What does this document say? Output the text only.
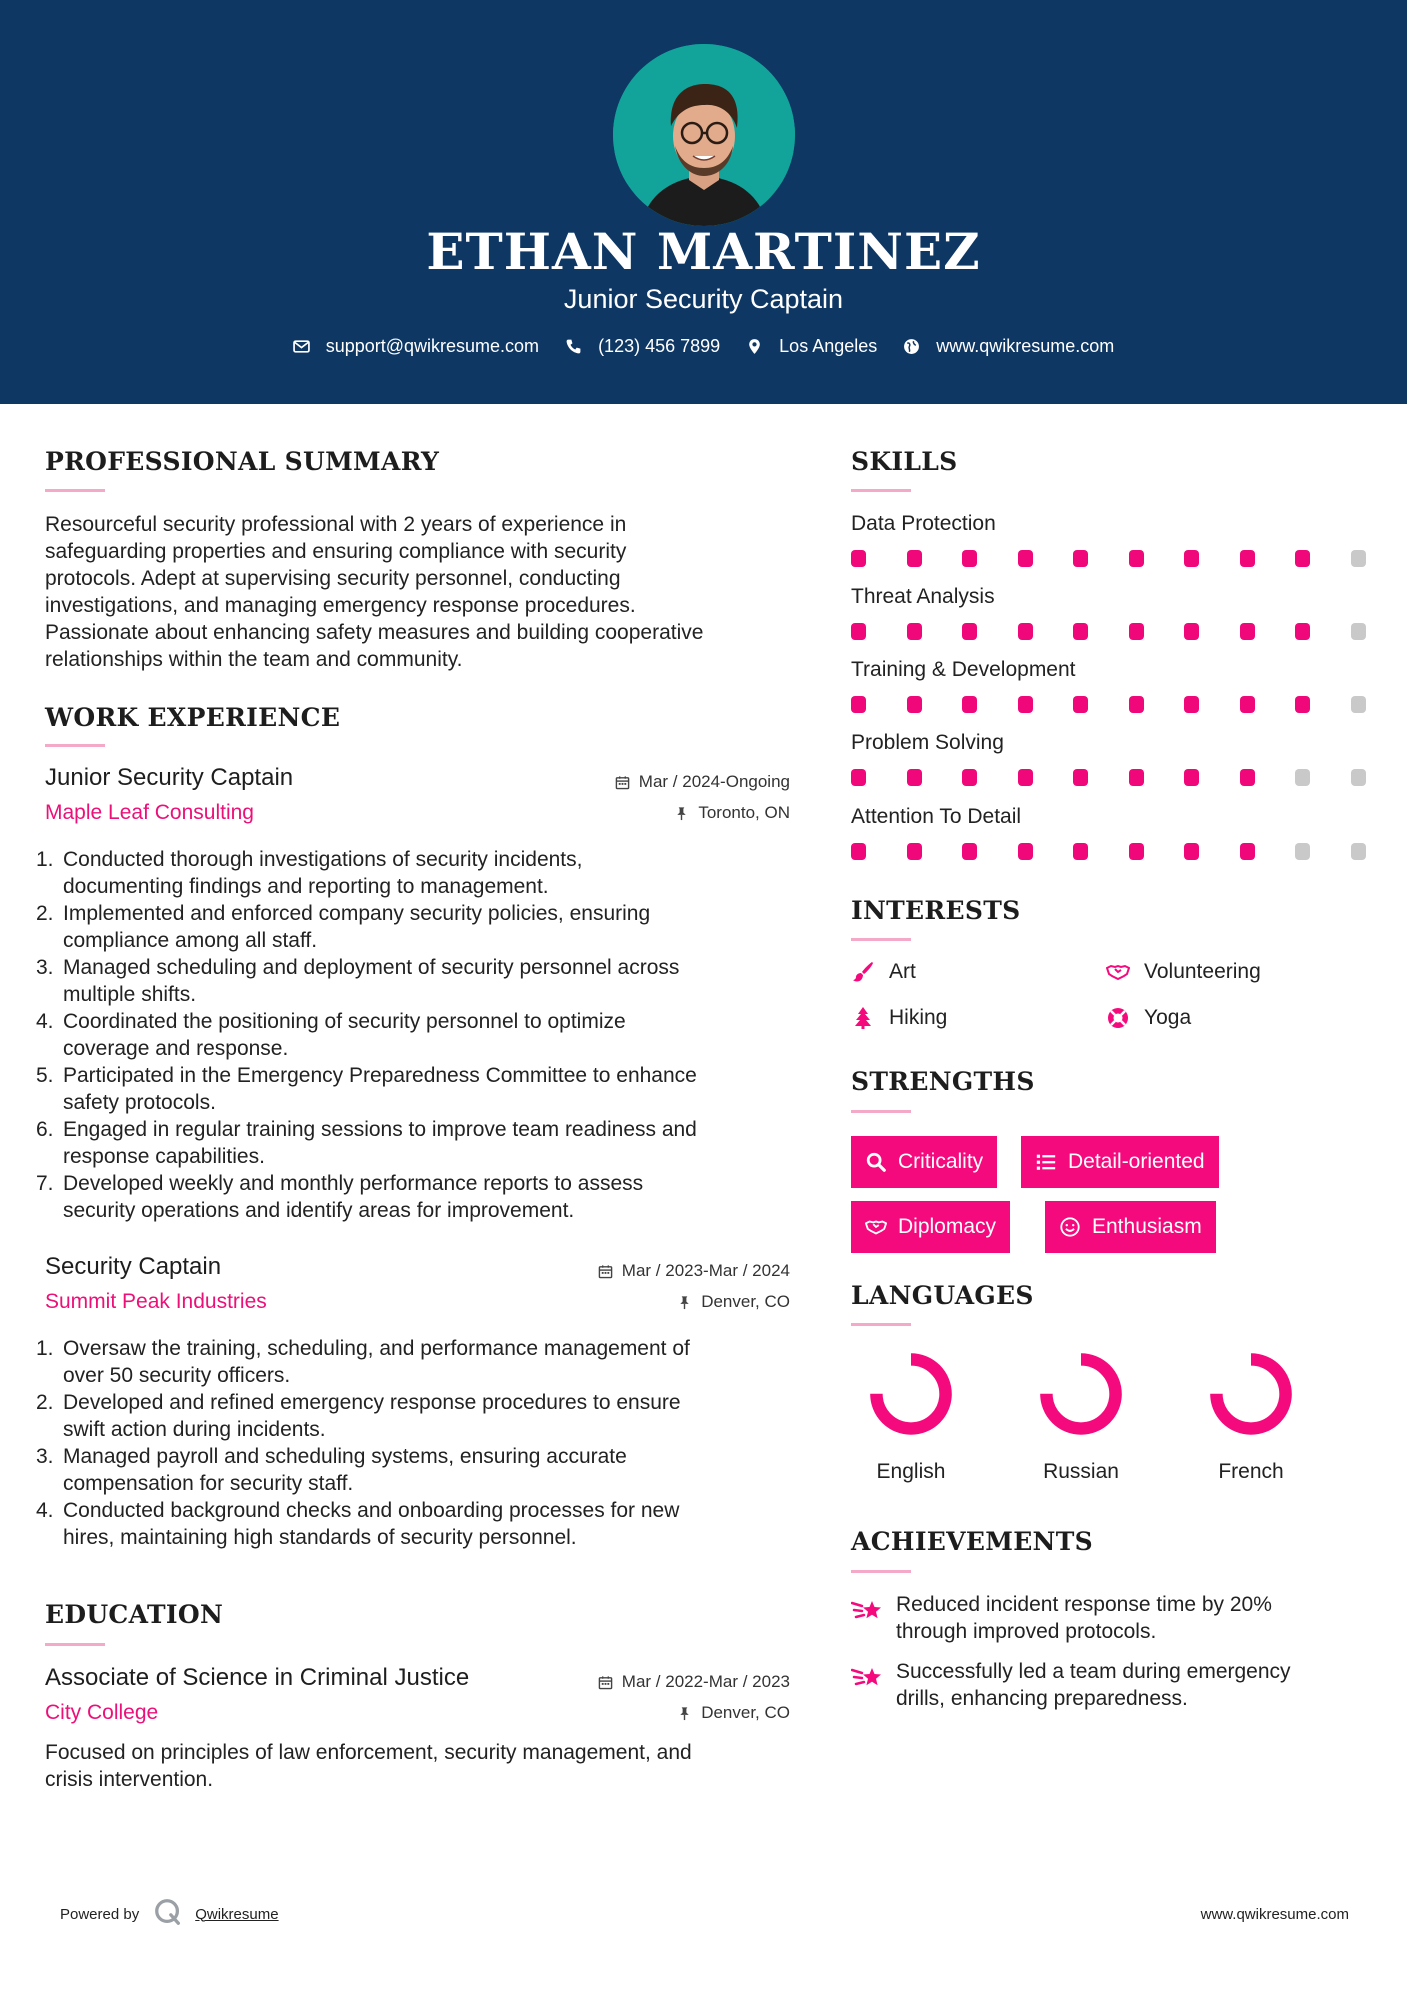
ETHAN MARTINEZ
Junior Security Captain
support@qwikresume.com	(123) 456 7899	Los Angeles	www.qwikresume.com
PROFESSIONAL SUMMARY
Resourceful security professional with 2 years of experience in
safeguarding properties and ensuring compliance with security
protocols. Adept at supervising security personnel, conducting
investigations, and managing emergency response procedures.
Passionate about enhancing safety measures and building cooperative
relationships within the team and community.
WORK EXPERIENCE
Junior Security Captain
Maple Leaf Consulting
Mar / 2024-Ongoing
Toronto, ON
1. Conducted thorough investigations of security incidents,
documenting findings and reporting to management.
2. Implemented and enforced company security policies, ensuring
compliance among all staff.
3. Managed scheduling and deployment of security personnel across
multiple shifts.
4. Coordinated the positioning of security personnel to optimize
coverage and response.
5. Participated in the Emergency Preparedness Committee to enhance
safety protocols.
6. Engaged in regular training sessions to improve team readiness and
response capabilities.
7. Developed weekly and monthly performance reports to assess
security operations and identify areas for improvement.
Security Captain
Summit Peak Industries
Mar / 2023-Mar / 2024
Denver, CO
1. Oversaw the training, scheduling, and performance management of
over 50 security officers.
2. Developed and refined emergency response procedures to ensure
swift action during incidents.
3. Managed payroll and scheduling systems, ensuring accurate
compensation for security staff.
4. Conducted background checks and onboarding processes for new
hires, maintaining high standards of security personnel.
EDUCATION
Associate of Science in Criminal Justice
City College
Mar / 2022-Mar / 2023
Denver, CO
Focused on principles of law enforcement, security management, and
crisis intervention.
SKILLS
Data Protection
Threat Analysis
Training & Development
Problem Solving
Attention To Detail
INTERESTS
Art	Volunteering
Hiking	Yoga
STRENGTHS
Criticality	Detail-oriented
Diplomacy	Enthusiasm
LANGUAGES
English	Russian	French
ACHIEVEMENTS
Reduced incident response time by 20%
through improved protocols.
Successfully led a team during emergency
drills, enhancing preparedness.
Powered by	Qwikresume	www.qwikresume.com
